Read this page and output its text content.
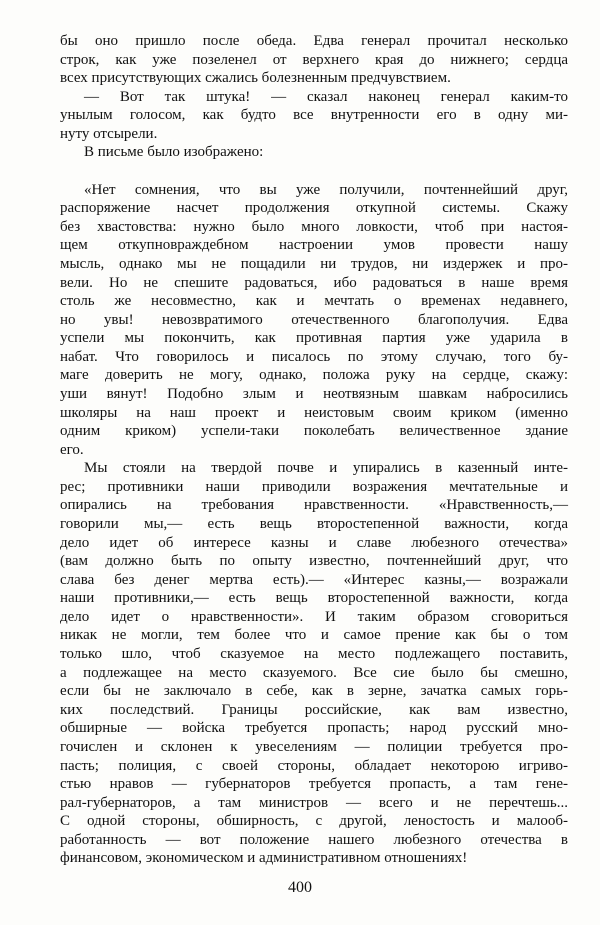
бы оно пришло после обеда. Едва генерал прочитал несколько
строк, как уже позеленел от верхнего края до нижнего; сердца
всех присутствующих сжались болезненным предчувствием.
— Вот так штука! — сказал наконец генерал каким-то
унылым голосом, как будто все внутренности его в одну ми-
нуту отсырели.
В письме было изображено:
«Нет сомнения, что вы уже получили, почтеннейший друг,
распоряжение насчет продолжения откупной системы. Скажу
без хвастовства: нужно было много ловкости, чтоб при настоя-
щем откупновраждебном настроении умов провести нашу
мысль, однако мы не пощадили ни трудов, ни издержек и про-
вели. Но не спешите радоваться, ибо радоваться в наше время
столь же несовместно, как и мечтать о временах недавнего,
но увы! невозвратимого отечественного благополучия. Едва
успели мы покончить, как противная партия уже ударила в
набат. Что говорилось и писалось по этому случаю, того бу-
маге доверить не могу, однако, положа руку на сердце, скажу:
уши вянут! Подобно злым и неотвязным шавкам набросились
школяры на наш проект и неистовым своим криком (именно
одним криком) успели-таки поколебать величественное здание
его.
Мы стояли на твердой почве и упирались в казенный инте-
рес; противники наши приводили возражения мечтательные и
опирались на требования нравственности. «Нравственность,—
говорили мы,— есть вещь второстепенной важности, когда
дело идет об интересе казны и славе любезного отечества»
(вам должно быть по опыту известно, почтеннейший друг, что
слава без денег мертва есть).— «Интерес казны,— возражали
наши противники,— есть вещь второстепенной важности, когда
дело идет о нравственности». И таким образом сговориться
никак не могли, тем более что и самое прение как бы о том
только шло, чтоб сказуемое на место подлежащего поставить,
а подлежащее на место сказуемого. Все сие было бы смешно,
если бы не заключало в себе, как в зерне, зачатка самых горь-
ких последствий. Границы российские, как вам известно,
обширные — войска требуется пропасть; народ русский мно-
гочислен и склонен к увеселениям — полиции требуется про-
пасть; полиция, с своей стороны, обладает некоторою игриво-
стью нравов — губернаторов требуется пропасть, а там гене-
рал-губернаторов, а там министров — всего и не перечтешь...
С одной стороны, обширность, с другой, леностость и малооб-
работанность — вот положение нашего любезного отечества в
финансовом, экономическом и административном отношениях!
400
